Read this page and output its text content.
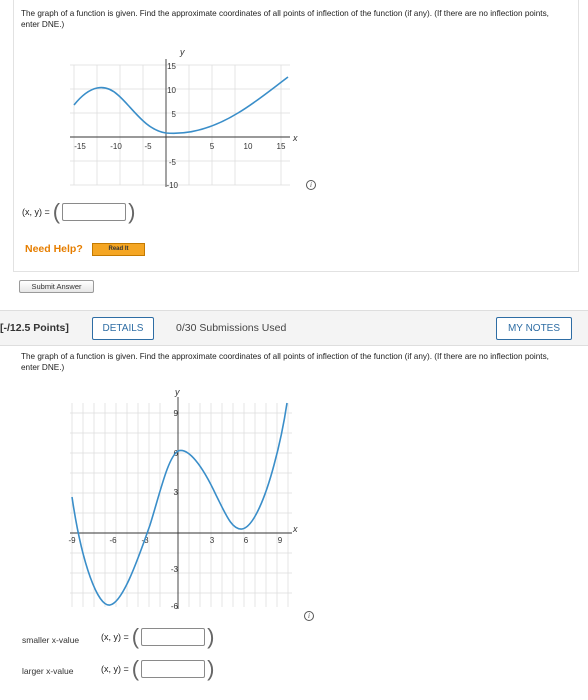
The graph of a function is given. Find the approximate coordinates of all points of inflection of the function (if any). (If there are no inflection points, enter DNE.)
-15	-10	-5	5	10	15
15
10
5
-5
-10
y
x
i
(x, y) = (	)
Need Help?	Read It
Submit Answer
[-/12.5 Points]	DETAILS	0/30 Submissions Used	MY NOTES
The graph of a function is given. Find the approximate coordinates of all points of inflection of the function (if any). (If there are no inflection points, enter DNE.)
-9	-6	-3	3	6	9
9
6
3
-3
-6
y
x
i
smaller x-value (x, y) = (	)
larger x-value	(x, y) = (	)
